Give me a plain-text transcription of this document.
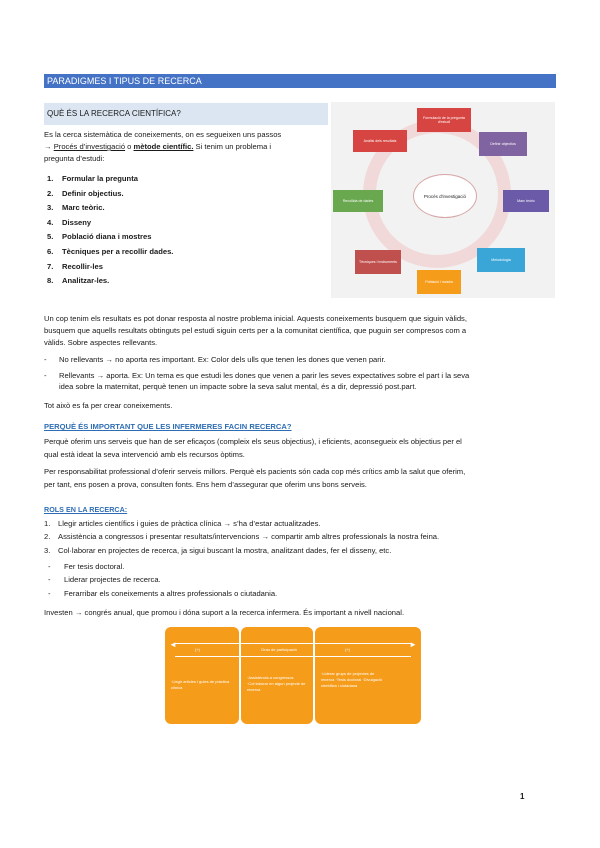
PARADIGMES I TIPUS DE RECERCA
QUÈ ÉS LA RECERCA CIENTÍFICA?
Es la cerca sistemàtica de coneixements, on es segueixen uns passos
→ Procés d’investigació o mètode científic. Si tenim un problema i
pregunta d’estudi:
1. Formular la pregunta
2. Definir objectius.
3. Marc teòric.
4. Disseny
5. Població diana i mostres
6. Tècniques per a recollir dades.
7. Recollir-les
8. Analitzar-les.
Procés d'investigació
Formulació de la pregunta d'estudi
Definir objectius
Marc teòric
Metodologia
Població i mostra
Tècniques i instruments
Recollida de dades
Anàlisi dels resultats
Un cop tenim els resultats es pot donar resposta al nostre problema inicial. Aquests coneixements busquem que siguin vàlids,
busquem que aquells resultats obtinguts pel estudi siguin certs per a la comunitat científica, que puguin ser compresos com a
vàlids. Sobre aspectes rellevants.
- No rellevants → no aporta res important. Ex: Color dels ulls que tenen les dones que venen parir.
- Rellevants → aporta. Ex: Un tema es que estudi les dones que venen a parir les seves expectatives sobre el part i la seva
idea sobre la maternitat, perquè tenen un impacte sobre la seva salut mental, és a dir, depressió post.part.
Tot això es fa per crear coneixements.
PERQUÈ ÉS IMPORTANT QUE LES INFERMERES FACIN RECERCA?
Perquè oferim uns serveis que han de ser eficaços (compleix els seus objectius), i eficients, aconsegueix els objectius per el
qual està ideat la seva intervenció amb els recursos òptims.
Per responsabilitat professional d’oferir serveis millors. Perquè els pacients són cada cop més crítics amb la salut que oferim,
per tant, ens posen a prova, consulten fonts. Ens hem d’assegurar que oferim uns bons serveis.
ROLS EN LA RECERCA:
1. Llegir articles científics i guies de pràctica clínica → s’ha d’estar actualitzades.
2. Assistència a congressos i presentar resultats/intervencions → compartir amb altres professionals la nostra feina.
3. Col·laborar en projectes de recerca, ja sigui buscant la mostra, analitzant dades, fer el disseny, etc.
- Fer tesis doctoral.
- Liderar projectes de recerca.
- Ferarribar els coneixements a altres professionals o ciutadania.
Investen → congrés anual, que promou i dóna suport a la recerca infermera. És important a nivell nacional.
·Llegir articles i guies de pràctica clínica
·Assistència a congressos ·Col·laborar en algun projecte de recerca
·Liderar grups de projectes de recerca ·Tesis doctoral ·Divulgació científica i ciutadana
◄
(+)	Grau de participació	(+)
►
1
